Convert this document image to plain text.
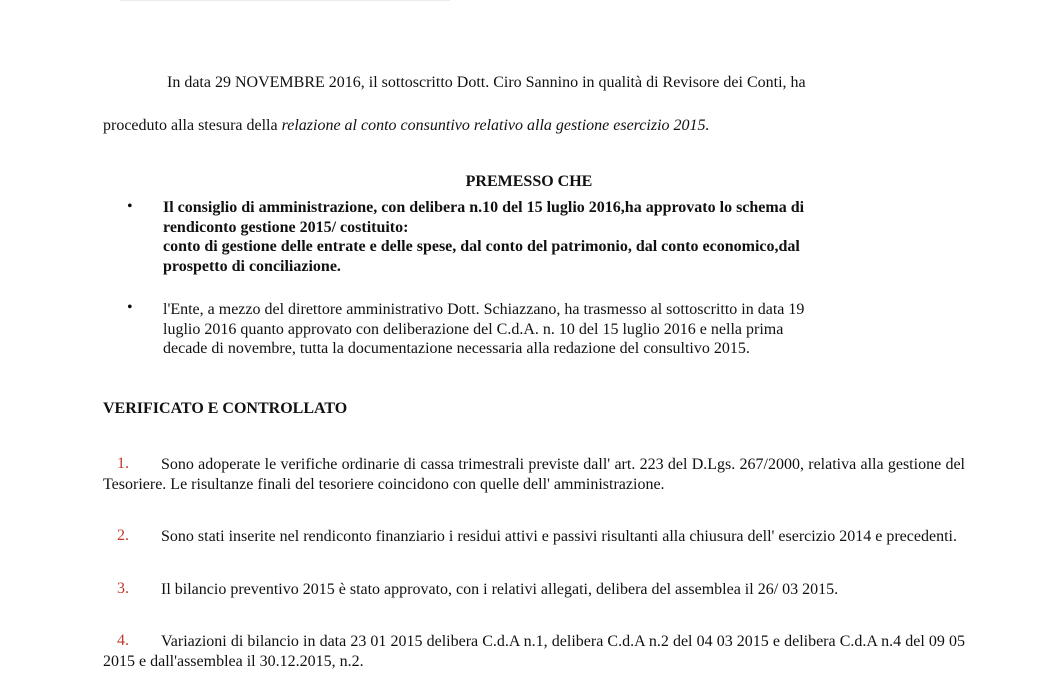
In data 29 NOVEMBRE 2016, il sottoscritto Dott. Ciro Sannino in qualità di Revisore dei Conti, ha

proceduto alla stesura della relazione al conto consuntivo relativo alla gestione esercizio 2015.

PREMESSO CHE
• Il consiglio di amministrazione, con delibera n.10 del 15 luglio 2016,ha approvato lo schema di
rendiconto gestione 2015/ costituito:
conto di gestione delle entrate e delle spese, dal conto del patrimonio, dal conto economico,dal
prospetto di conciliazione.

• l'Ente, a mezzo del direttore amministrativo Dott. Schiazzano, ha trasmesso al sottoscritto in data 19
luglio 2016 quanto approvato con deliberazione del C.d.A. n. 10 del 15 luglio 2016 e nella prima
decade di novembre, tutta la documentazione necessaria alla redazione del consultivo 2015.

VERIFICATO E CONTROLLATO
1.	Sono adoperate le verifiche ordinarie di cassa trimestrali previste dall' art. 223 del D.Lgs. 267/2000, relativa alla gestione del Tesoriere. Le risultanze finali del tesoriere coincidono con quelle dell' amministrazione.

2.	Sono stati inserite nel rendiconto finanziario i residui attivi e passivi risultanti alla chiusura dell' esercizio 2014 e precedenti.

3.	Il bilancio preventivo 2015 è stato approvato, con i relativi allegati, delibera del assemblea il 26/ 03 2015.

4.	Variazioni di bilancio in data 23 01 2015 delibera C.d.A n.1, delibera C.d.A n.2 del 04 03 2015 e delibera C.d.A n.4 del 09 05 2015 e dall'assemblea il 30.12.2015, n.2.
